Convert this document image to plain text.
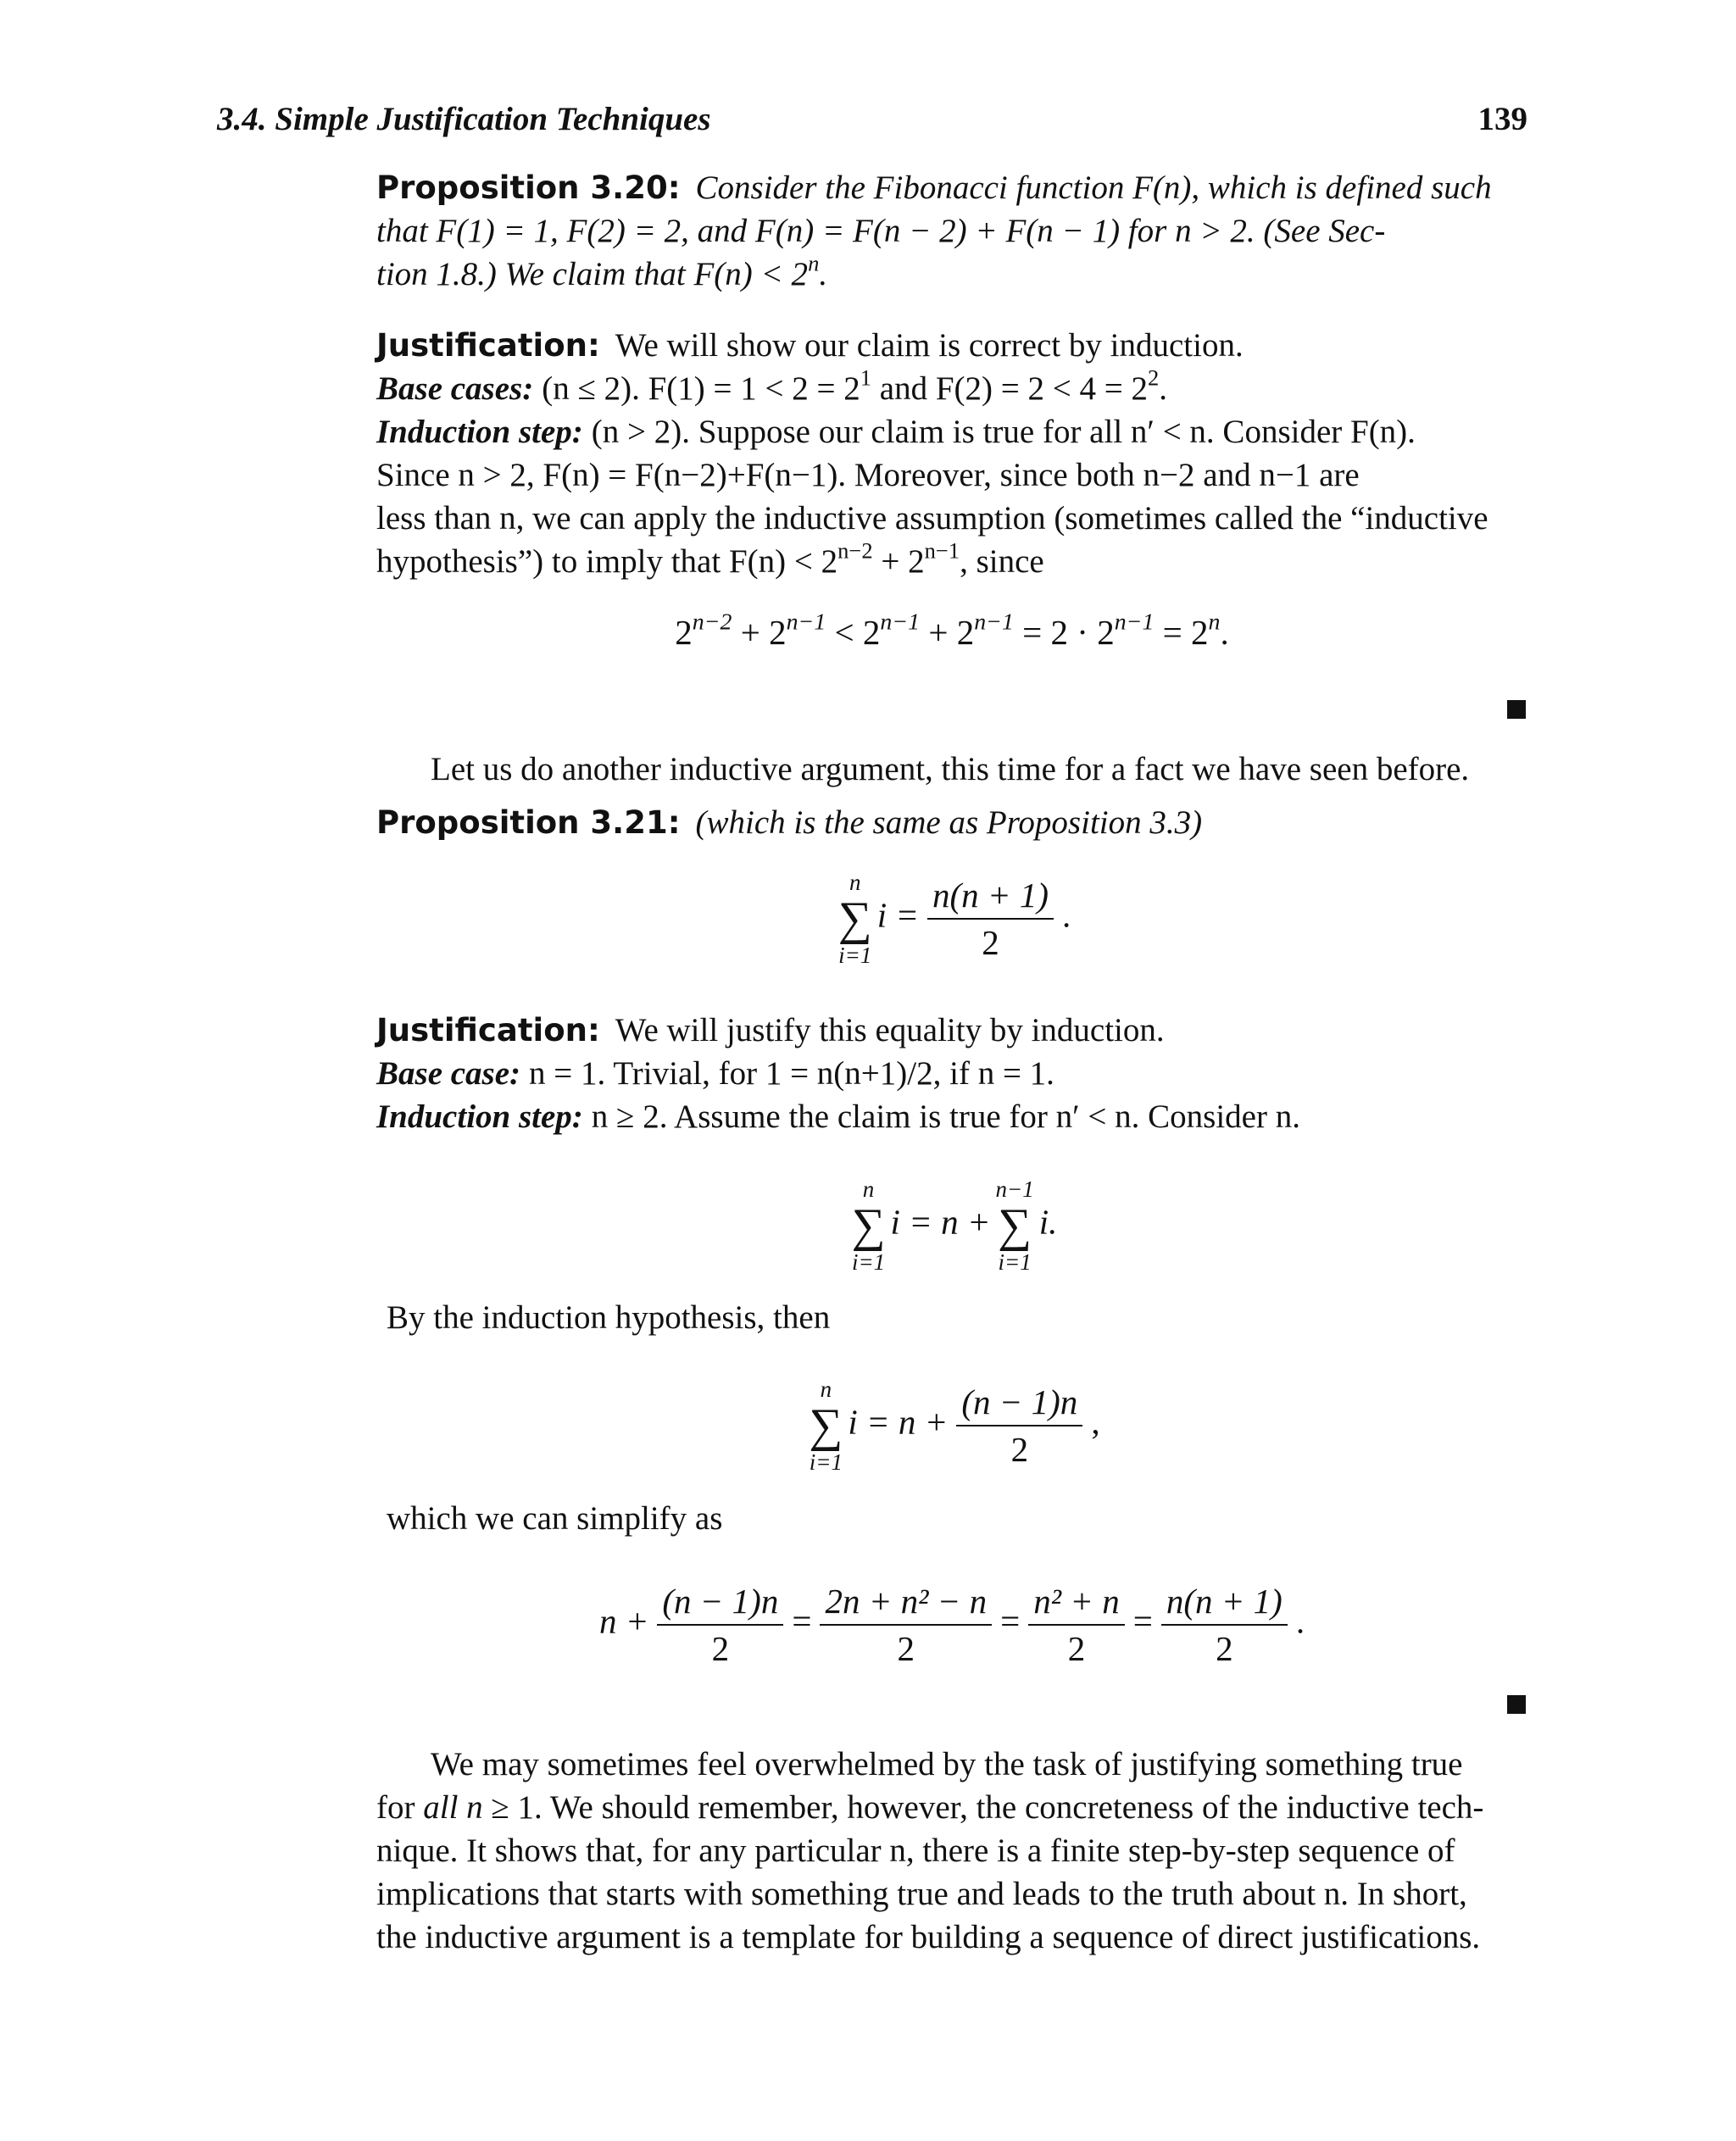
3.4. Simple Justification Techniques	139
Proposition 3.20: Consider the Fibonacci function F(n), which is defined such
that F(1) = 1, F(2) = 2, and F(n) = F(n − 2) + F(n − 1) for n > 2. (See Sec-
tion 1.8.) We claim that $F(n) < 2^n$.
Justification: We will show our claim is correct by induction.
Base cases: (n ≤ 2). $F(1) = 1 < 2 = 2^1$ and $F(2) = 2 < 4 = 2^2$.
Induction step: (n > 2). Suppose our claim is true for all n′ < n. Consider F(n).
Since n > 2, F(n) = F(n−2)+F(n−1). Moreover, since both n−2 and n−1 are
less than n, we can apply the inductive assumption (sometimes called the “inductive
hypothesis”) to imply that $F(n) < 2^{n-2} + 2^{n-1}$, since
$2^{n-2} + 2^{n-1} < 2^{n-1} + 2^{n-1} = 2 \cdot 2^{n-1} = 2^n$.
Let us do another inductive argument, this time for a fact we have seen before.
Proposition 3.21: (which is the same as Proposition 3.3)
n
∑
i=1
$i = \frac{n(n + 1)}{2}$ .
Justification: We will justify this equality by induction.
Base case: n = 1. Trivial, for 1 = n(n+1)/2, if n = 1.
Induction step: n ≥ 2. Assume the claim is true for n′ < n. Consider n.
n
∑
i=1
i = n +
n−1
∑
i=1
i.
By the induction hypothesis, then
n
∑
i=1
$i = n + \frac{(n - 1)n}{2}$ ,
which we can simplify as
$n + \frac{(n - 1)n}{2} = \frac{\text{2n + n² − n}}{2} = \frac{\text{n² + n}}{2} = \frac{n(n + 1)}{2}$ .
We may sometimes feel overwhelmed by the task of justifying something true
for all n ≥ 1. We should remember, however, the concreteness of the inductive tech-
nique. It shows that, for any particular n, there is a finite step-by-step sequence of
implications that starts with something true and leads to the truth about n. In short,
the inductive argument is a template for building a sequence of direct justifications.
